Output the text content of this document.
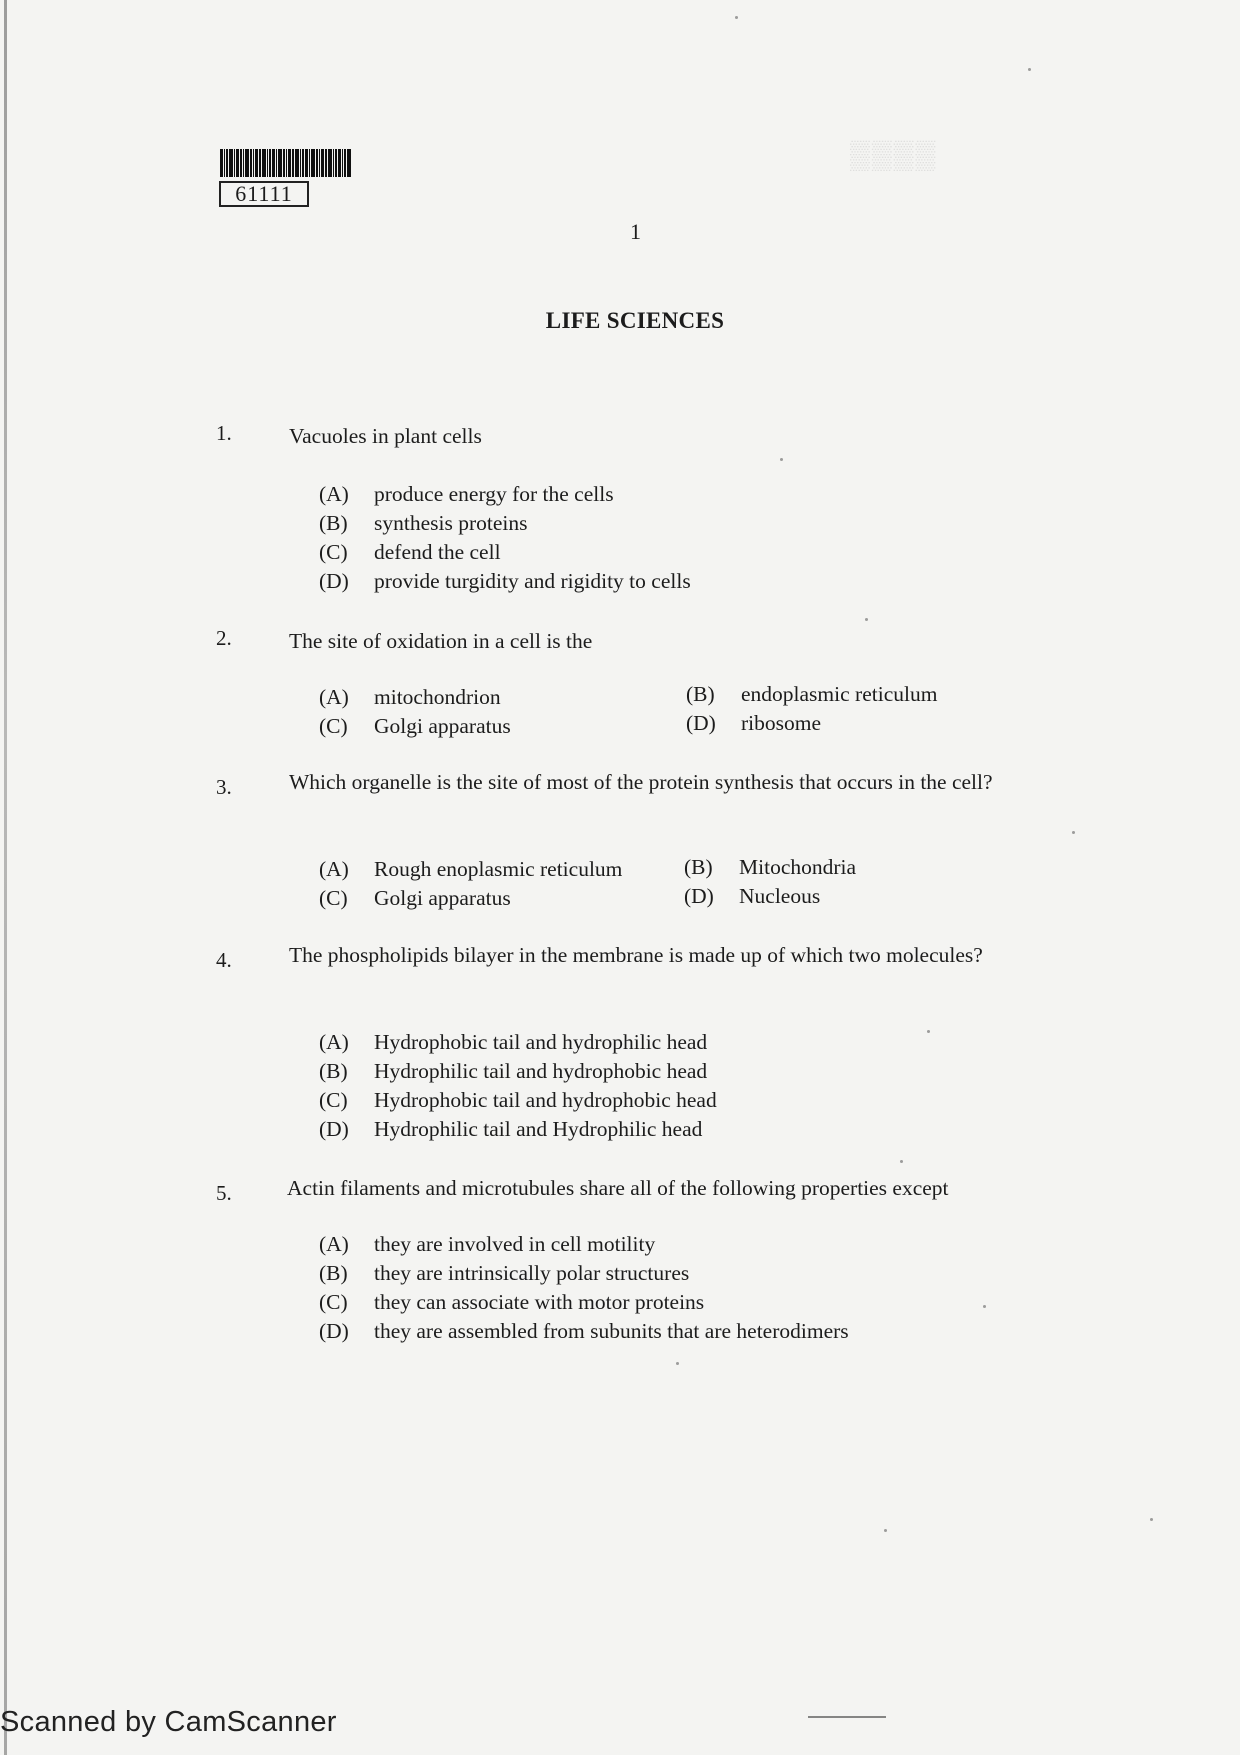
▒▒▒▒
61111
1
LIFE SCIENCES
1.	Vacuoles in plant cells
(A) produce energy for the cells
(B) synthesis proteins
(C) defend the cell
(D) provide turgidity and rigidity to cells
2.	The site of oxidation in a cell is the
(A) mitochondrion	(B) endoplasmic reticulum
(C) Golgi apparatus	(D) ribosome
3.	Which organelle is the site of most of the protein synthesis that occurs in the cell?
(A) Rough enoplasmic reticulum	(B) Mitochondria
(C) Golgi apparatus	(D) Nucleous
4.	The phospholipids bilayer in the membrane is made up of which two molecules?
(A) Hydrophobic tail and hydrophilic head
(B) Hydrophilic tail and hydrophobic head
(C) Hydrophobic tail and hydrophobic head
(D) Hydrophilic tail and Hydrophilic head
5.	Actin filaments and microtubules share all of the following properties except
(A) they are involved in cell motility
(B) they are intrinsically polar structures
(C) they can associate with motor proteins
(D) they are assembled from subunits that are heterodimers
Scanned by CamScanner
